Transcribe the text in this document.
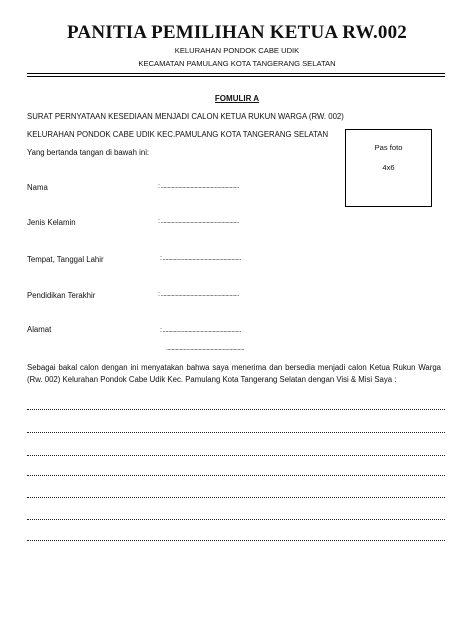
PANITIA PEMILIHAN KETUA RW.002
KELURAHAN PONDOK CABE UDIK
KECAMATAN PAMULANG KOTA TANGERANG SELATAN
FOMULIR A
SURAT PERNYATAAN KESEDIAAN MENJADI CALON KETUA RUKUN WARGA (RW. 002)
KELURAHAN PONDOK CABE UDIK KEC.PAMULANG KOTA TANGERANG SELATAN
Yang bertanda tangan di bawah ini:
Pas foto
4x6
Nama	: ..........................................................
Jenis Kelamin	: ..........................................................
Tempat, Tanggal Lahir	: ..........................................................
Pendidikan Terakhir	: ..........................................................
Alamat	: ..........................................................
..........................................................
Sebagai bakal calon dengan ini menyatakan bahwa saya menerima dan bersedia menjadi calon Ketua Rukun Warga (Rw. 002) Kelurahan Pondok Cabe Udik Kec. Pamulang Kota Tangerang Selatan dengan Visi & Misi Saya :
